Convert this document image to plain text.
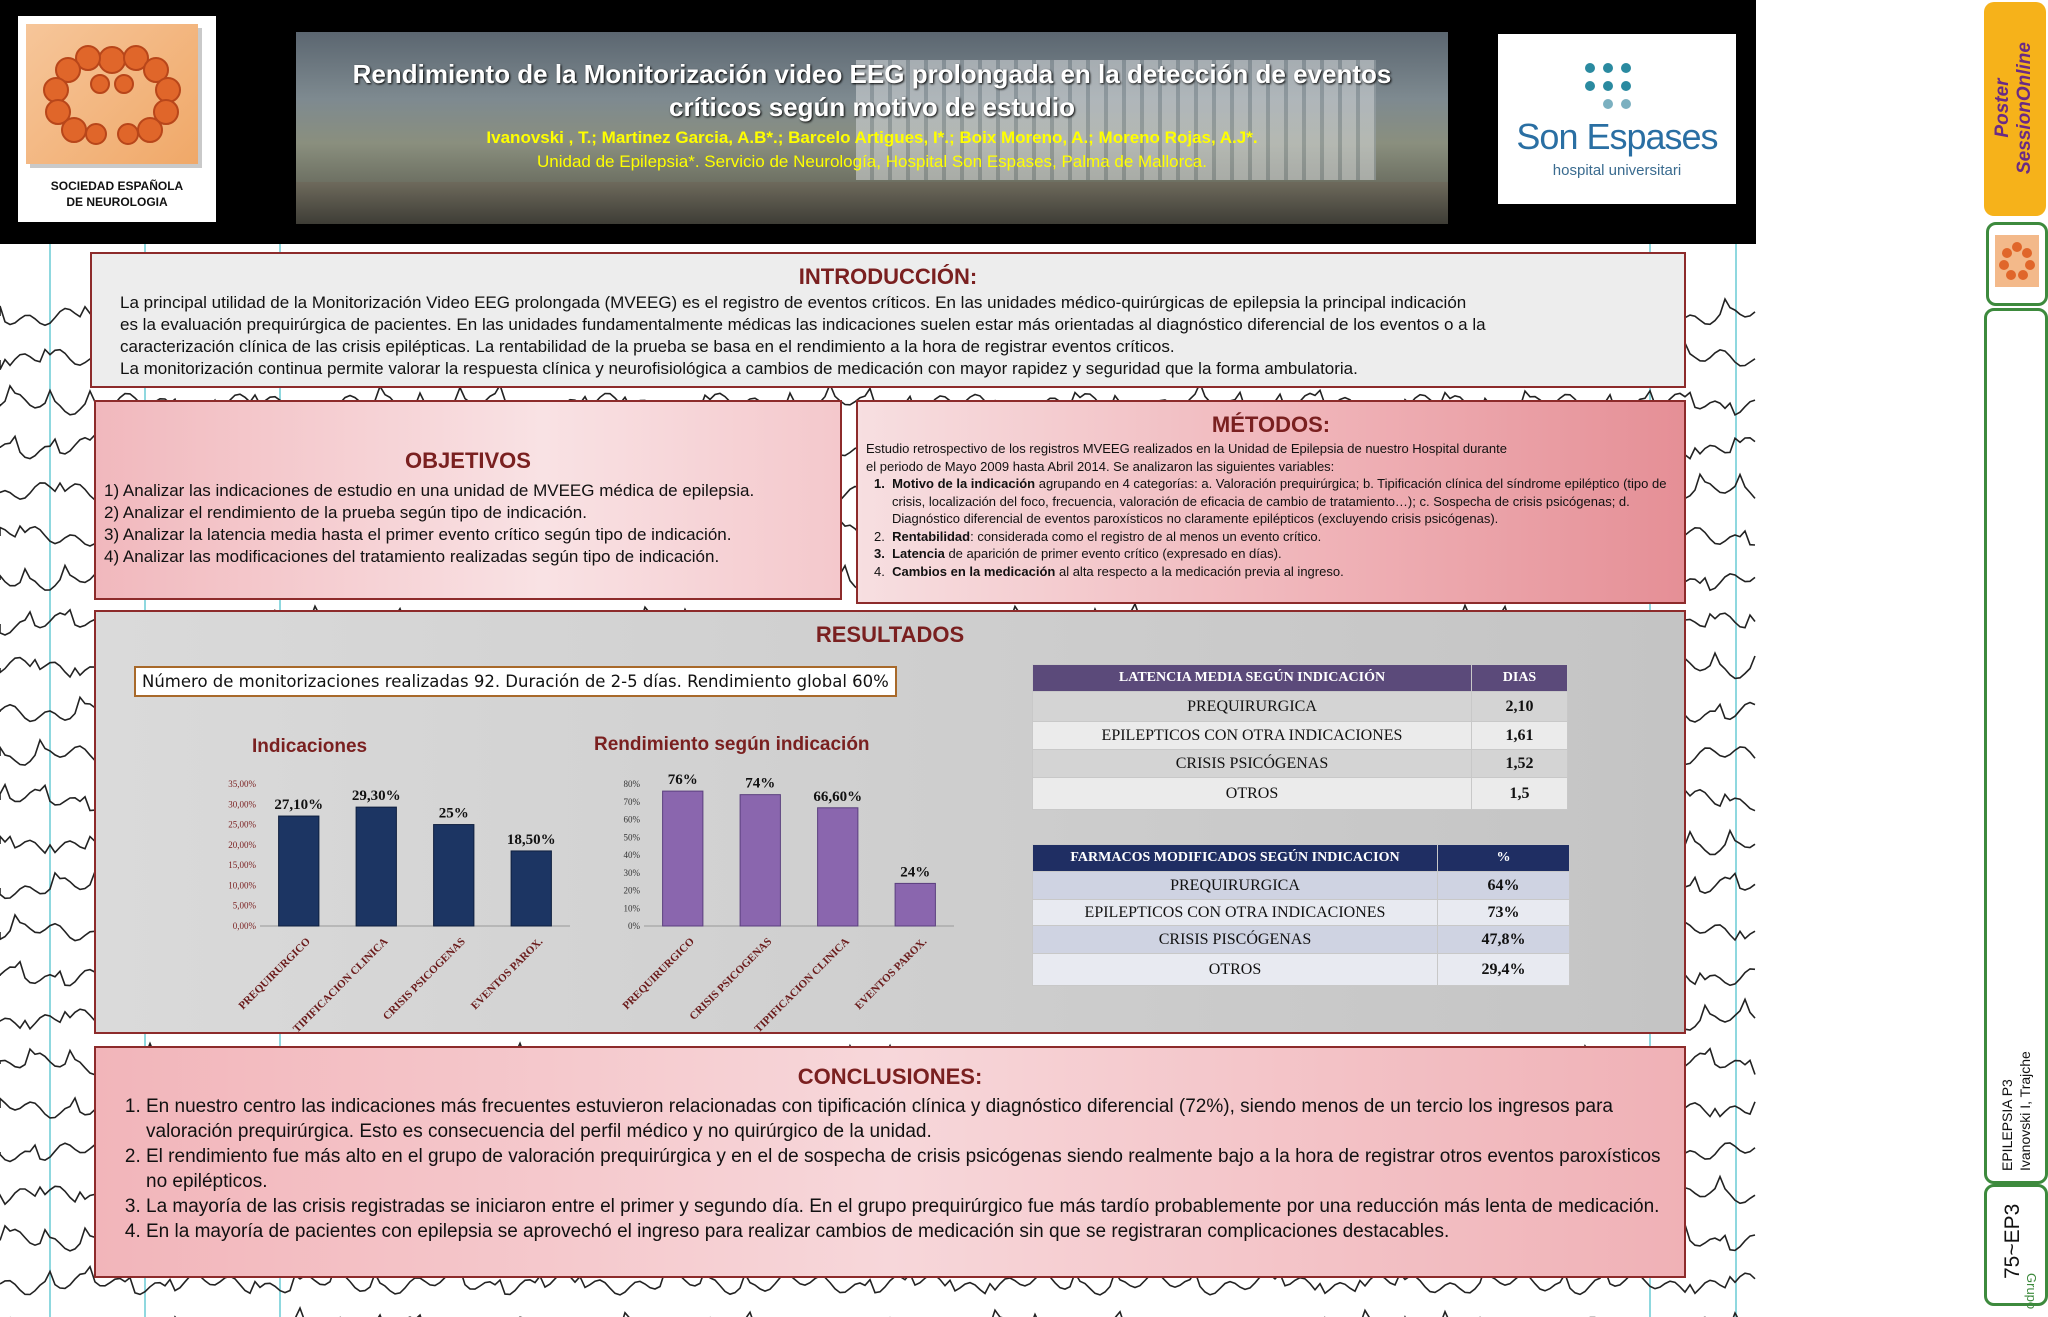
SOCIEDAD ESPAÑOLA
DE NEUROLOGIA
Rendimiento de la Monitorización video EEG prolongada en la detección de eventos
críticos según motivo de estudio
Ivanovski , T.; Martinez Garcia, A.B*.; Barcelo Artigues, I*.; Boix Moreno, A.; Moreno Rojas, A.J*.
Unidad de Epilepsia*. Servicio de Neurología, Hospital Son Espases, Palma de Mallorca.
Son Espases
hospital universitari
INTRODUCCIÓN:

La principal utilidad de la Monitorización Video EEG prolongada (MVEEG) es el registro de eventos críticos. En las unidades médico-quirúrgicas de epilepsia la principal indicación
es la evaluación prequirúrgica de pacientes. En las unidades fundamentalmente médicas las indicaciones suelen estar más orientadas al diagnóstico diferencial de los eventos o a la
caracterización clínica de las crisis epilépticas. La rentabilidad de la prueba se basa en el rendimiento a la hora de registrar eventos críticos.
La monitorización continua permite valorar la respuesta clínica y neurofisiológica a cambios de medicación con mayor rapidez y seguridad que la forma ambulatoria.

OBJETIVOS
1) Analizar las indicaciones de estudio en una unidad de MVEEG médica de epilepsia.
2) Analizar el rendimiento de la prueba según tipo de indicación.
3) Analizar la latencia media hasta el primer evento crítico según tipo de indicación.
4) Analizar las modificaciones del tratamiento realizadas según tipo de indicación.
MÉTODOS:
Estudio retrospectivo de los registros MVEEG realizados en la Unidad de Epilepsia de nuestro Hospital durante
el periodo de Mayo 2009 hasta Abril 2014. Se analizaron las siguientes variables:
1. Motivo de la indicación agrupando en 4 categorías: a. Valoración prequirúrgica; b. Tipificación clínica del síndrome epiléptico (tipo de crisis, localización del foco, frecuencia, valoración de eficacia de cambio de tratamiento…); c. Sospecha de crisis psicógenas; d. Diagnóstico diferencial de eventos paroxísticos no claramente epilépticos (excluyendo crisis psicógenas).
2. Rentabilidad: considerada como el registro de al menos un evento crítico.
3. Latencia de aparición de primer evento crítico (expresado en días).
4. Cambios en la medicación al alta respecto a la medicación previa al ingreso.
RESULTADOS
Número de monitorizaciones realizadas 92. Duración de 2-5 días. Rendimiento global 60%
Indicaciones
0,00%
5,00%
10,00%
15,00%
20,00%
25,00%
30,00%
35,00%
27,10%
PREQUIRURGICO
29,30%
TIPIFICACION CLINICA
25%
CRISIS PSICOGENAS
18,50%
EVENTOS PAROX.
Rendimiento según indicación
0%
10%
20%
30%
40%
50%
60%
70%
80% 76%
PREQUIRURGICO
74%
CRISIS PSICOGENAS
66,60%
TIPIFICACION CLINICA
24%
EVENTOS PAROX.
LATENCIA MEDIA SEGÚN INDICACIÓN	DIAS
PREQUIRURGICA	2,10
EPILEPTICOS CON OTRA INDICACIONES	1,61
CRISIS PSICÓGENAS	1,52
OTROS	1,5
FARMACOS MODIFICADOS SEGÚN INDICACION	%
PREQUIRURGICA	64%
EPILEPTICOS CON OTRA INDICACIONES	73%
CRISIS PISCÓGENAS	47,8%
OTROS	29,4%
CONCLUSIONES:
1. En nuestro centro las indicaciones más frecuentes estuvieron relacionadas con tipificación clínica y diagnóstico diferencial (72%), siendo menos de un tercio los ingresos para valoración prequirúrgica. Esto es consecuencia del perfil médico y no quirúrgico de la unidad.
2. El rendimiento fue más alto en el grupo de valoración prequirúrgica y en el de sospecha de crisis psicógenas siendo realmente bajo a la hora de registrar otros eventos paroxísticos no epilépticos.
3. La mayoría de las crisis registradas se iniciaron entre el primer y segundo día. En el grupo prequirúrgico fue más tardío probablemente por una reducción más lenta de medicación.
4. En la mayoría de pacientes con epilepsia se aprovechó el ingreso para realizar cambios de medicación sin que se registraran complicaciones destacables.
Poster SessionOnline
EPILEPSIA P3 Ivanovski I, Trajche
75~EP3
Grupo
